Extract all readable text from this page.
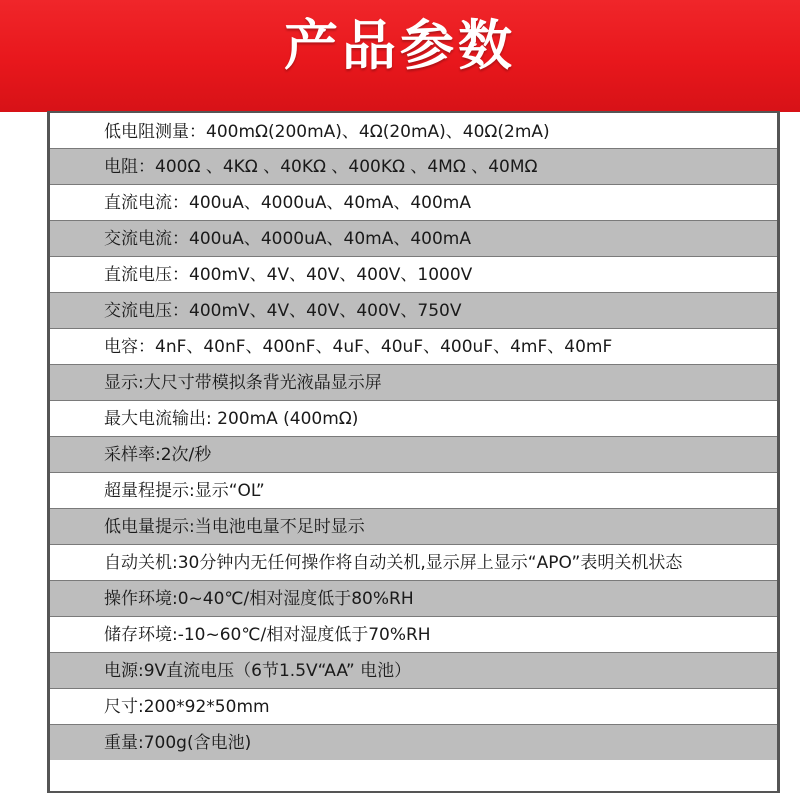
产品参数
低电阻测量：400mΩ(200mA)、4Ω(20mA)、40Ω(2mA)
电阻：400Ω 、4KΩ 、40KΩ 、400KΩ 、4MΩ 、40MΩ
直流电流：400uA、4000uA、40mA、400mA
交流电流：400uA、4000uA、40mA、400mA
直流电压：400mV、4V、40V、400V、1000V
交流电压：400mV、4V、40V、400V、750V
电容：4nF、40nF、400nF、4uF、40uF、400uF、4mF、40mF
显示:大尺寸带模拟条背光液晶显示屏
最大电流输出: 200mA (400mΩ)
采样率:2次/秒
超量程提示:显示“OL”
低电量提示:当电池电量不足时显示
自动关机:30分钟内无任何操作将自动关机,显示屏上显示“APO”表明关机状态
操作环境:0~40℃/相对湿度低于80%RH
储存环境:-10~60℃/相对湿度低于70%RH
电源:9V直流电压（6节1.5V“AA” 电池）
尺寸:200*92*50mm
重量:700g(含电池)
